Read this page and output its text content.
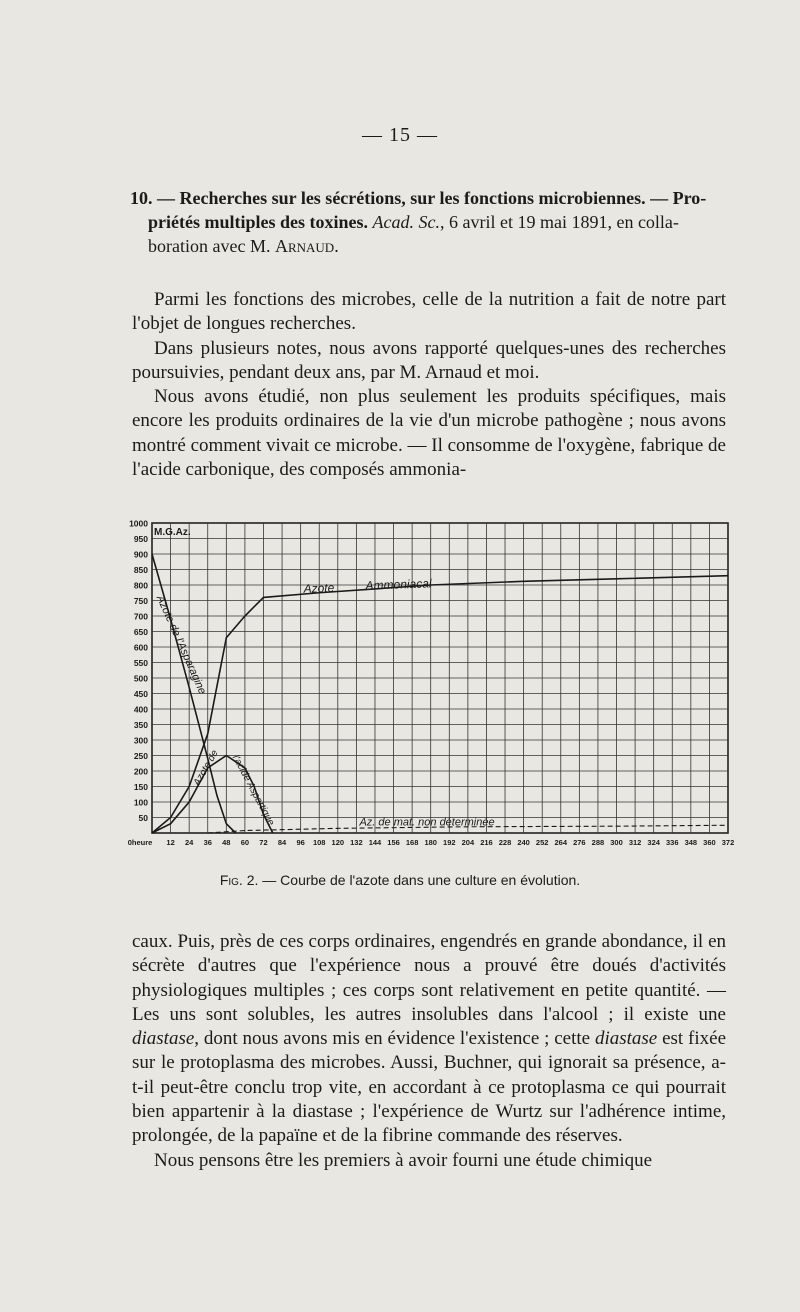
— 15 —
10. — Recherches sur les sécrétions, sur les fonctions microbiennes. — Pro-
priétés multiples des toxines. Acad. Sc., 6 avril et 19 mai 1891, en colla-
boration avec M. Arnaud.

Parmi les fonctions des microbes, celle de la nutrition a fait de notre part l'objet de longues recherches.

Dans plusieurs notes, nous avons rapporté quelques-unes des recherches poursuivies, pendant deux ans, par M. Arnaud et moi.

Nous avons étudié, non plus seulement les produits spécifiques, mais encore les produits ordinaires de la vie d'un microbe pathogène ; nous avons montré comment vivait ce microbe. — Il consomme de l'oxygène, fabrique de l'acide carbonique, des composés ammonia-

1000
950
900
850
800
750
700
650
600
550
500
450
400
350
300
250
200
150
100
50
0heure 12 24 36 48 60 72 84 96 108 120 132 144 156 168 180 192 204 216 228 240 252 264 276 288 300 312 324 336 348 360 372
M.G.Az.
Azote	Ammoniacal
Azote de l'Asparagine
Azote de l'acide Aspartique	Az. de mat. non déterminée
Fig. 2. — Courbe de l'azote dans une culture en évolution.

caux. Puis, près de ces corps ordinaires, engendrés en grande abondance, il en sécrète d'autres que l'expérience nous a prouvé être doués d'activités physiologiques multiples ; ces corps sont relativement en petite quantité. — Les uns sont solubles, les autres insolubles dans l'alcool ; il existe une diastase, dont nous avons mis en évidence l'existence ; cette diastase est fixée sur le protoplasma des microbes. Aussi, Buchner, qui ignorait sa présence, a-t-il peut-être conclu trop vite, en accordant à ce protoplasma ce qui pourrait bien appartenir à la diastase ; l'expérience de Wurtz sur l'adhérence intime, prolongée, de la papaïne et de la fibrine commande des réserves.

Nous pensons être les premiers à avoir fourni une étude chimique
